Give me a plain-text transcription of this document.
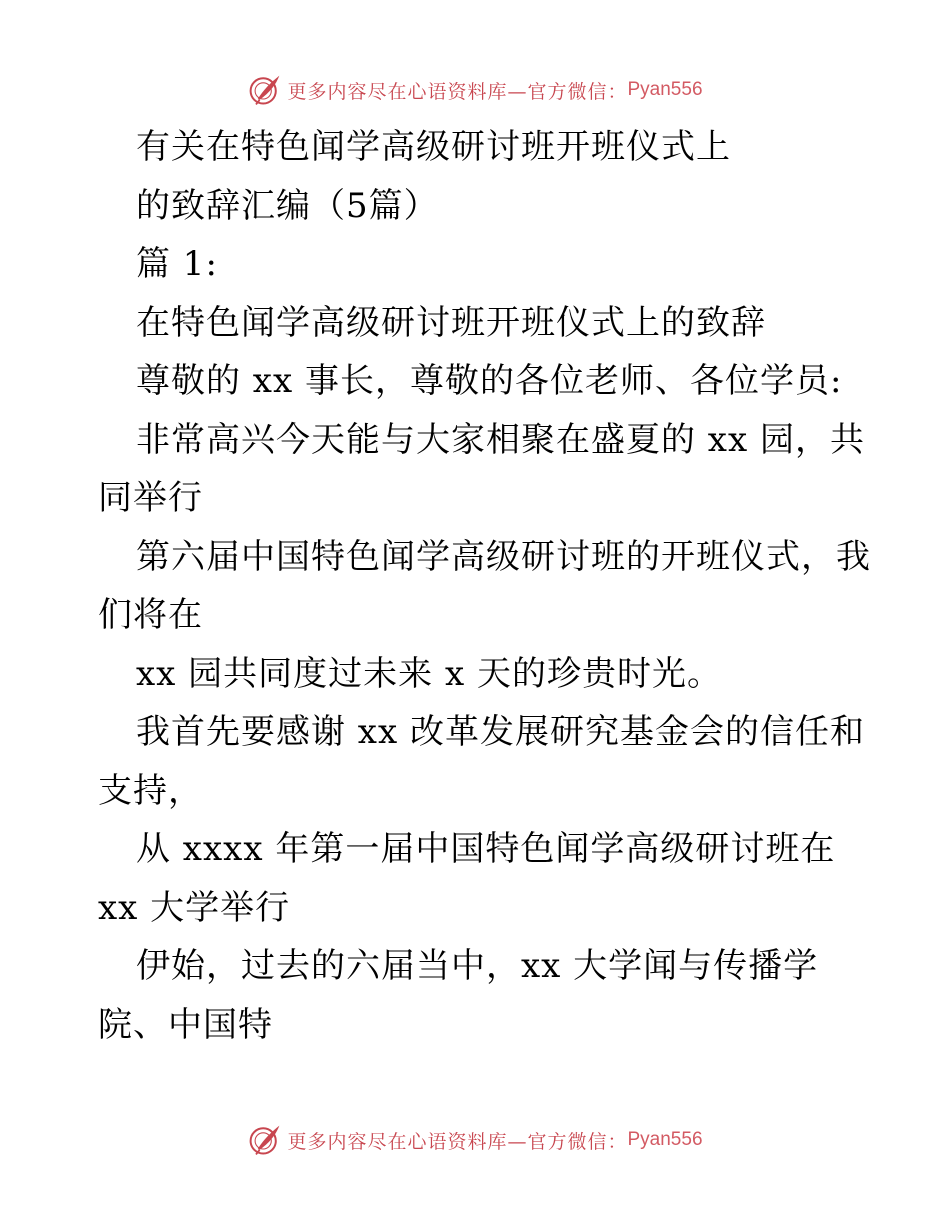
更多内容尽在心语资料库—官方微信： Pyan556
有关在特色闻学高级研讨班开班仪式上
的致辞汇编（5篇）
篇 1:
在特色闻学高级研讨班开班仪式上的致辞
尊敬的 xx 事长，尊敬的各位老师、各位学员:
非常高兴今天能与大家相聚在盛夏的 xx 园，共
同举行
第六届中国特色闻学高级研讨班的开班仪式，我
们将在
xx 园共同度过未来 x 天的珍贵时光。
我首先要感谢 xx 改革发展研究基金会的信任和
支持，
从 xxxx 年第一届中国特色闻学高级研讨班在
xx 大学举行
伊始，过去的六届当中，xx 大学闻与传播学
院、中国特
更多内容尽在心语资料库—官方微信： Pyan556
